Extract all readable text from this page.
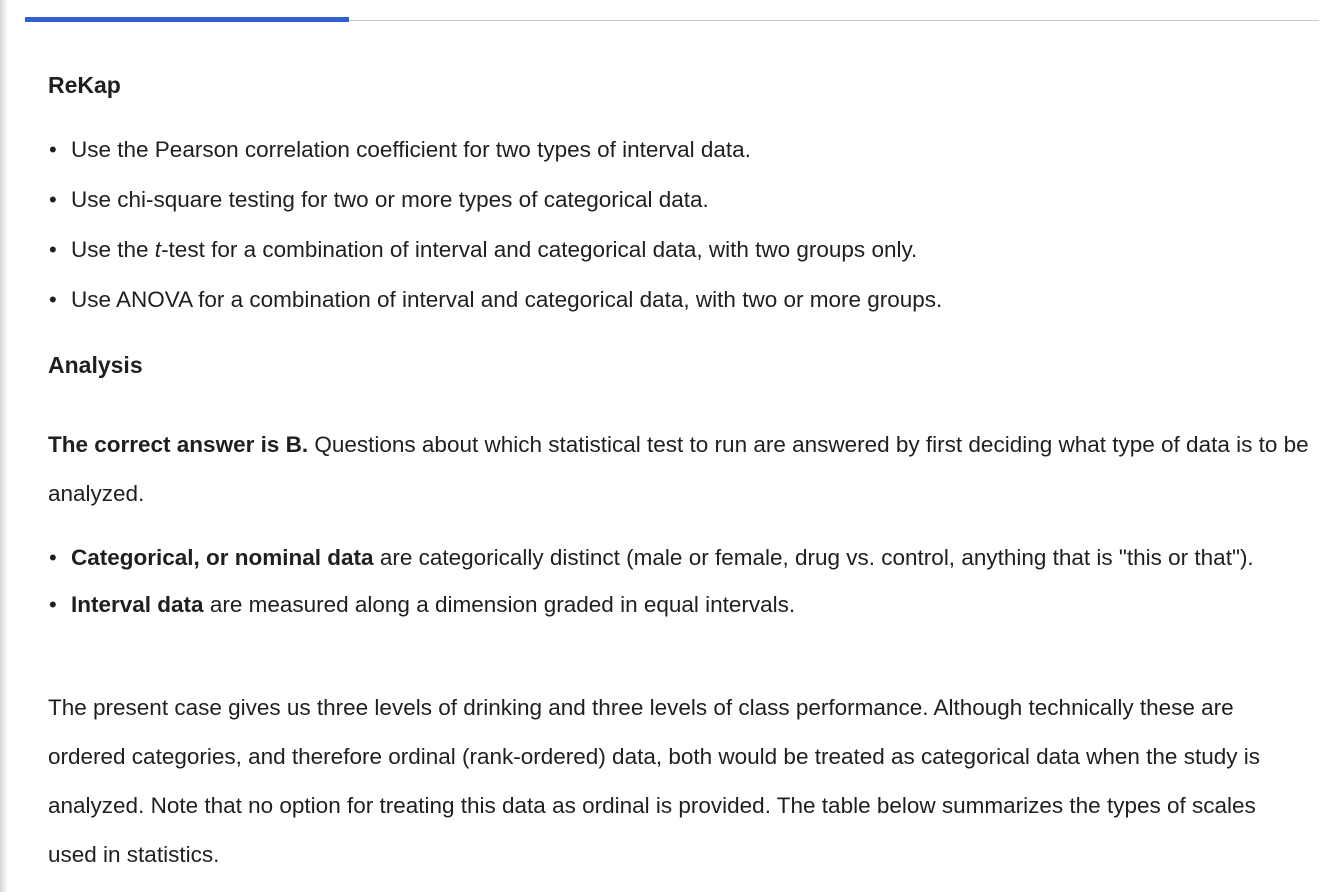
ReKap
• Use the Pearson correlation coefficient for two types of interval data.
• Use chi-square testing for two or more types of categorical data.
• Use the t-test for a combination of interval and categorical data, with two groups only.
• Use ANOVA for a combination of interval and categorical data, with two or more groups.
Analysis

The correct answer is B. Questions about which statistical test to run are answered by first deciding what type of data is to be analyzed.

• Categorical, or nominal data are categorically distinct (male or female, drug vs. control, anything that is "this or that").
• Interval data are measured along a dimension graded in equal intervals.

The present case gives us three levels of drinking and three levels of class performance. Although technically these are ordered categories, and therefore ordinal (rank-ordered) data, both would be treated as categorical data when the study is analyzed. Note that no option for treating this data as ordinal is provided. The table below summarizes the types of scales used in statistics.
